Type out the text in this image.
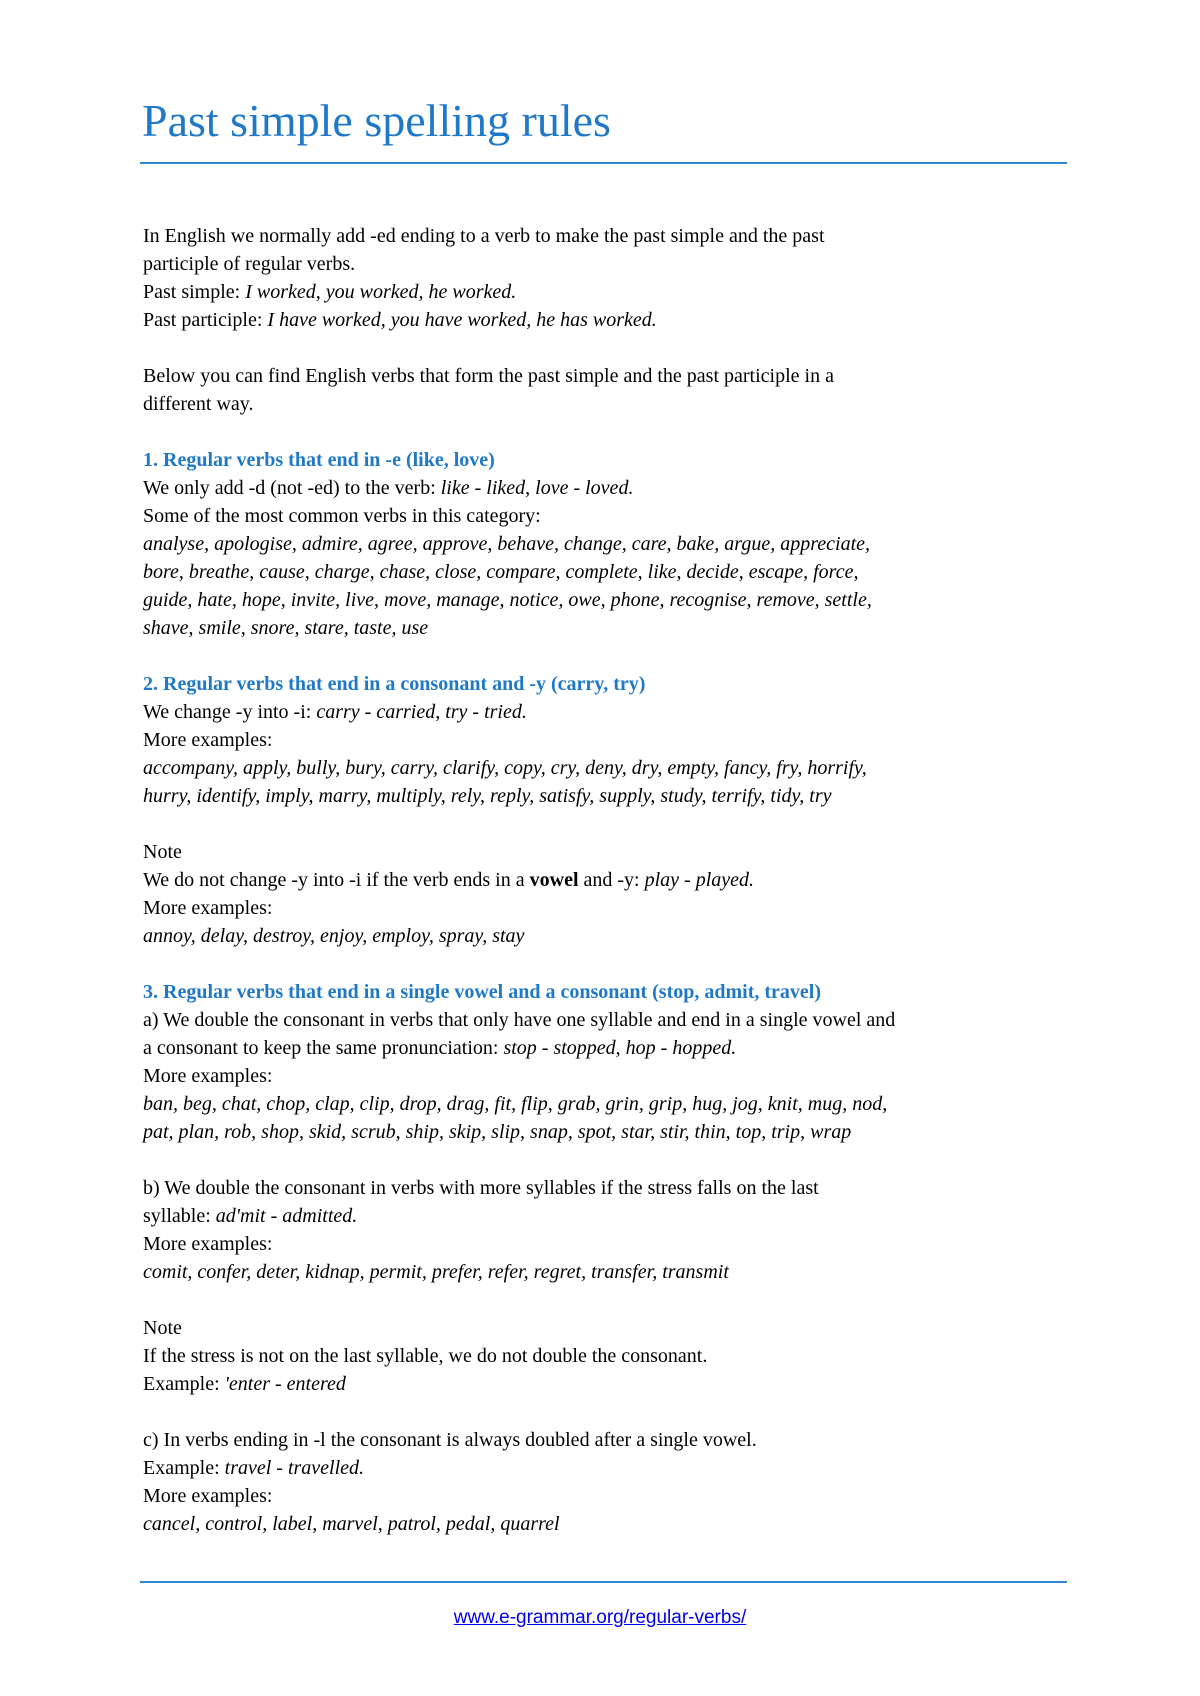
Past simple spelling rules
In English we normally add -ed ending to a verb to make the past simple and the past
participle of regular verbs.
Past simple: I worked, you worked, he worked.
Past participle: I have worked, you have worked, he has worked.
Below you can find English verbs that form the past simple and the past participle in a
different way.
1. Regular verbs that end in -e (like, love)
We only add -d (not -ed) to the verb: like - liked, love - loved.
Some of the most common verbs in this category:
analyse, apologise, admire, agree, approve, behave, change, care, bake, argue, appreciate,
bore, breathe, cause, charge, chase, close, compare, complete, like, decide, escape, force,
guide, hate, hope, invite, live, move, manage, notice, owe, phone, recognise, remove, settle,
shave, smile, snore, stare, taste, use
2. Regular verbs that end in a consonant and -y (carry, try)
We change -y into -i: carry - carried, try - tried.
More examples:
accompany, apply, bully, bury, carry, clarify, copy, cry, deny, dry, empty, fancy, fry, horrify,
hurry, identify, imply, marry, multiply, rely, reply, satisfy, supply, study, terrify, tidy, try
Note
We do not change -y into -i if the verb ends in a vowel and -y: play - played.
More examples:
annoy, delay, destroy, enjoy, employ, spray, stay
3. Regular verbs that end in a single vowel and a consonant (stop, admit, travel)
a) We double the consonant in verbs that only have one syllable and end in a single vowel and
a consonant to keep the same pronunciation: stop - stopped, hop - hopped.
More examples:
ban, beg, chat, chop, clap, clip, drop, drag, fit, flip, grab, grin, grip, hug, jog, knit, mug, nod,
pat, plan, rob, shop, skid, scrub, ship, skip, slip, snap, spot, star, stir, thin, top, trip, wrap
b) We double the consonant in verbs with more syllables if the stress falls on the last
syllable: ad'mit - admitted.
More examples:
comit, confer, deter, kidnap, permit, prefer, refer, regret, transfer, transmit
Note
If the stress is not on the last syllable, we do not double the consonant.
Example: 'enter - entered
c) In verbs ending in -l the consonant is always doubled after a single vowel.
Example: travel - travelled.
More examples:
cancel, control, label, marvel, patrol, pedal, quarrel
www.e-grammar.org/regular-verbs/
